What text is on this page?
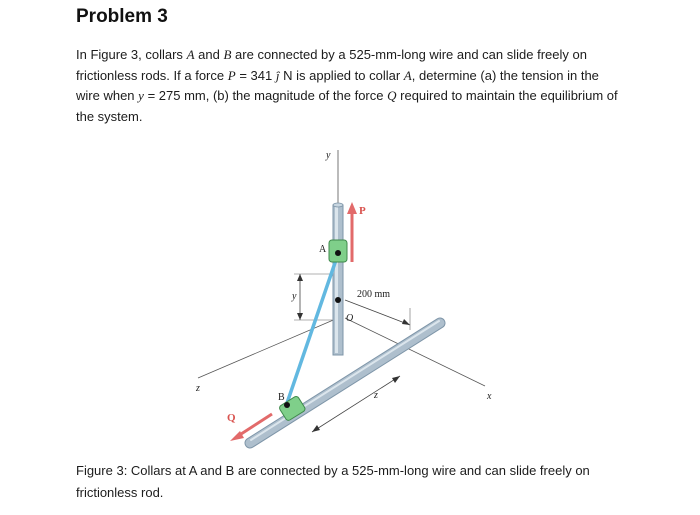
Problem 3
In Figure 3, collars A and B are connected by a 525-mm-long wire and can slide freely on frictionless rods. If a force P = 341 ĵ N is applied to collar A, determine (a) the tension in the wire when y = 275 mm, (b) the magnitude of the force Q required to maintain the equilibrium of the system.
y
x
z
z
y
O
A
B
P
Q
200 mm
Figure 3: Collars at A and B are connected by a 525-mm-long wire and can slide freely on frictionless rod.
